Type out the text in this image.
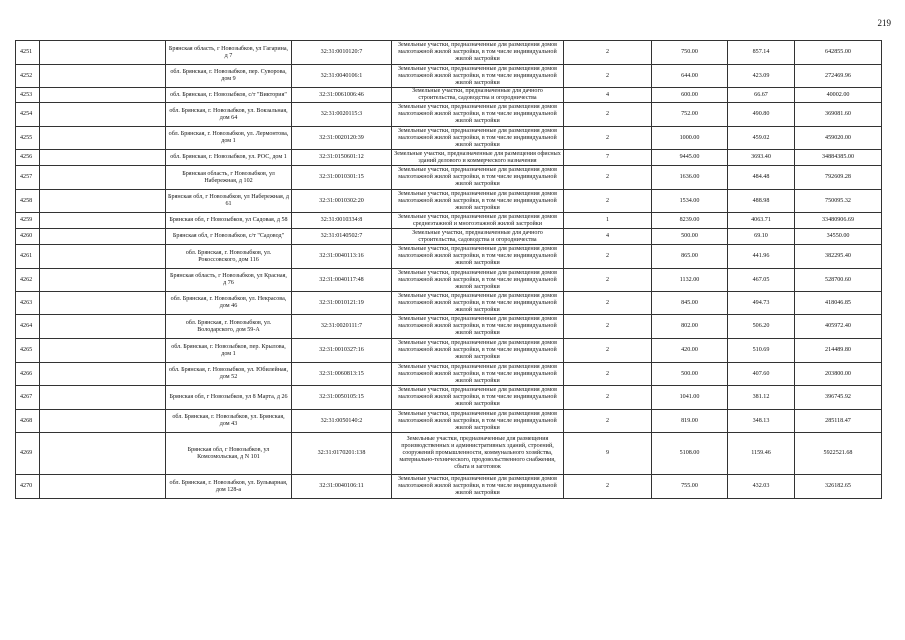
219
4251		Брянская область, г Новозыбков, ул Гагарина, д 7	32:31:0010120:7	Земельные участки, предназначенные для размещения домов малоэтажной жилой застройки, в том числе индивидуальной жилой застройки	2	750.00	857.14	642855.00
4252		обл. Брянская, г. Новозыбков, пер. Суворова, дом 9	32:31:0040106:1	Земельные участки, предназначенные для размещения домов малоэтажной жилой застройки, в том числе индивидуальной жилой застройки	2	644.00	423.09	272469.96
4253		обл. Брянская, г. Новозыбков, с/т "Виктория"	32:31:0061006:46	Земельные участки, предназначенные для дачного строительства, садоводства и огородничества	4	600.00	66.67	40002.00
4254		обл. Брянская, г. Новозыбков, ул. Вокзальная, дом 64	32:31:0020115:3	Земельные участки, предназначенные для размещения домов малоэтажной жилой застройки, в том числе индивидуальной жилой застройки	2	752.00	490.80	369081.60
4255		обл. Брянская, г. Новозыбков, ул. Лермонтова, дом 1	32:31:0020120:39	Земельные участки, предназначенные для размещения домов малоэтажной жилой застройки, в том числе индивидуальной жилой застройки	2	1000.00	459.02	459020.00
4256		обл. Брянская, г. Новозыбков, ул. РОС, дом 1	32:31:0150601:12	Земельные участки, предназначенные для размещения офисных зданий делового и коммерческого назначения	7	9445.00	3693.40	34884385.00
4257		Брянская область, г Новозыбков, ул Набережная, д 102	32:31:0010301:15	Земельные участки, предназначенные для размещения домов малоэтажной жилой застройки, в том числе индивидуальной жилой застройки	2	1636.00	484.48	792609.28
4258		Брянская обл, г Новозыбков, ул Набережная, д 61	32:31:0010302:20	Земельные участки, предназначенные для размещения домов малоэтажной жилой застройки, в том числе индивидуальной жилой застройки	2	1534.00	488.98	750095.32
4259		Брянская обл, г Новозыбков, ул Садовая, д 58	32:31:0010334:8	Земельные участки, предназначенные для размещения домов среднеэтажной и многоэтажной жилой застройки	1	8239.00	4063.71	33480906.69
4260		Брянская обл, г Новозыбков, с/т "Садовод"	32:31:0140502:7	Земельные участки, предназначенные для дачного строительства, садоводства и огородничества	4	500.00	69.10	34550.00
4261		обл. Брянская, г. Новозыбков, ул. Рокоссовского, дом 116	32:31:0040113:16	Земельные участки, предназначенные для размещения домов малоэтажной жилой застройки, в том числе индивидуальной жилой застройки	2	865.00	441.96	382295.40
4262		Брянская область, г Новозыбков, ул Красная, д 76	32:31:0040117:48	Земельные участки, предназначенные для размещения домов малоэтажной жилой застройки, в том числе индивидуальной жилой застройки	2	1132.00	467.05	528700.60
4263		обл. Брянская, г. Новозыбков, ул. Некрасова, дом 46	32:31:0010121:19	Земельные участки, предназначенные для размещения домов малоэтажной жилой застройки, в том числе индивидуальной жилой застройки	2	845.00	494.73	418046.85
4264		обл. Брянская, г. Новозыбков, ул. Володарского, дом 59-А	32:31:0020111:7	Земельные участки, предназначенные для размещения домов малоэтажной жилой застройки, в том числе индивидуальной жилой застройки	2	802.00	506.20	405972.40
4265		обл. Брянская, г. Новозыбков, пер. Крылова, дом 1	32:31:0010327:16	Земельные участки, предназначенные для размещения домов малоэтажной жилой застройки, в том числе индивидуальной жилой застройки	2	420.00	510.69	214489.80
4266		обл. Брянская, г. Новозыбков, ул. Юбилейная, дом 52	32:31:0060813:15	Земельные участки, предназначенные для размещения домов малоэтажной жилой застройки, в том числе индивидуальной жилой застройки	2	500.00	407.60	203800.00
4267		Брянская обл, г Новозыбков, ул 8 Марта, д 26	32:31:0050105:15	Земельные участки, предназначенные для размещения домов малоэтажной жилой застройки, в том числе индивидуальной жилой застройки	2	1041.00	381.12	396745.92
4268		обл. Брянская, г. Новозыбков, ул. Брянская, дом 43	32:31:0050140:2	Земельные участки, предназначенные для размещения домов малоэтажной жилой застройки, в том числе индивидуальной жилой застройки	2	819.00	348.13	285118.47
4269		Брянская обл, г Новозыбков, ул Комсомольская, д N 101	32:31:0170201:138	Земельные участки, предназначенные для размещения производственных и административных зданий, строений, сооружений промышленности, коммунального хозяйства, материально-технического, продовольственного снабжения, сбыта и заготовок	9	5108.00	1159.46	5922521.68
4270		обл. Брянская, г. Новозыбков, ул. Бульварная, дом 128-а	32:31:0040106:11	Земельные участки, предназначенные для размещения домов малоэтажной жилой застройки, в том числе индивидуальной жилой застройки	2	755.00	432.03	326182.65
